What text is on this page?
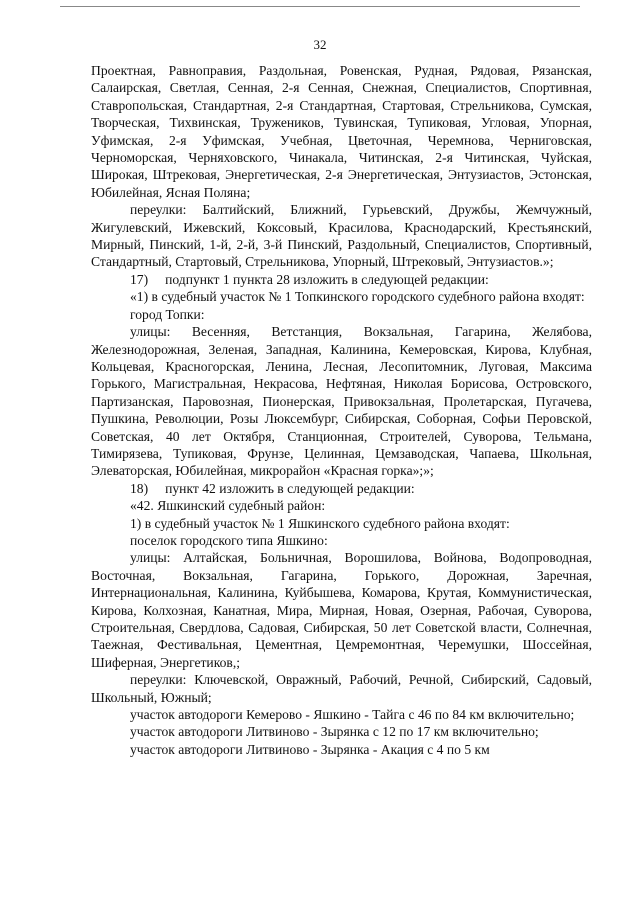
32

Проектная, Равноправия, Раздольная, Ровенская, Рудная, Рядовая, Рязанская, Салаирская, Светлая, Сенная, 2-я Сенная, Снежная, Специалистов, Спортивная, Ставропольская, Стандартная, 2-я Стандартная, Стартовая, Стрельникова, Сумская, Творческая, Тихвинская, Тружеников, Тувинская, Тупиковая, Угловая, Упорная, Уфимская, 2-я Уфимская, Учебная, Цветочная, Черемнова, Черниговская, Черноморская, Черняховского, Чинакала, Читинская, 2-я Читинская, Чуйская, Широкая, Штрековая, Энергетическая, 2-я Энергетическая, Энтузиастов, Эстонская, Юбилейная, Ясная Поляна;

переулки: Балтийский, Ближний, Гурьевский, Дружбы, Жемчужный, Жигулевский, Ижевский, Коксовый, Красилова, Краснодарский, Крестьянский, Мирный, Пинский, 1-й, 2-й, 3-й Пинский, Раздольный, Специалистов, Спортивный, Стандартный, Стартовый, Стрельникова, Упорный, Штрековый, Энтузиастов.»;

17)     подпункт 1 пункта 28 изложить в следующей редакции:

«1) в судебный участок № 1 Топкинского городского судебного района входят:

город Топки:

улицы: Весенняя, Ветстанция, Вокзальная, Гагарина, Желябова, Железнодорожная, Зеленая, Западная, Калинина, Кемеровская, Кирова, Клубная, Кольцевая, Красногорская, Ленина, Лесная, Лесопитомник, Луговая, Максима Горького, Магистральная, Некрасова, Нефтяная, Николая Борисова, Островского, Партизанская, Паровозная, Пионерская, Привокзальная, Пролетарская, Пугачева, Пушкина, Революции, Розы Люксембург, Сибирская, Соборная, Софьи Перовской, Советская, 40 лет Октября, Станционная, Строителей, Суворова, Тельмана, Тимирязева, Тупиковая, Фрунзе, Целинная, Цемзаводская, Чапаева, Школьная, Элеваторская, Юбилейная, микрорайон «Красная горка»;»;

18)     пункт 42 изложить в следующей редакции:

«42. Яшкинский судебный район:

1) в судебный участок № 1 Яшкинского судебного района входят:

поселок городского типа Яшкино:

улицы: Алтайская, Больничная, Ворошилова, Войнова, Водопроводная, Восточная, Вокзальная, Гагарина, Горького, Дорожная, Заречная, Интернациональная, Калинина, Куйбышева, Комарова, Крутая, Коммунистическая, Кирова, Колхозная, Канатная, Мира, Мирная, Новая, Озерная, Рабочая, Суворова, Строительная, Свердлова, Садовая, Сибирская, 50 лет Советской власти, Солнечная, Таежная, Фестивальная, Цементная, Цемремонтная, Черемушки, Шоссейная, Шиферная, Энергетиков,;

переулки: Ключевской, Овражный, Рабочий, Речной, Сибирский, Садовый, Школьный, Южный;

участок автодороги Кемерово - Яшкино - Тайга с 46 по 84 км включительно;

участок автодороги Литвиново - Зырянка с 12 по 17 км включительно;

участок автодороги Литвиново - Зырянка - Акация с 4 по 5 км
